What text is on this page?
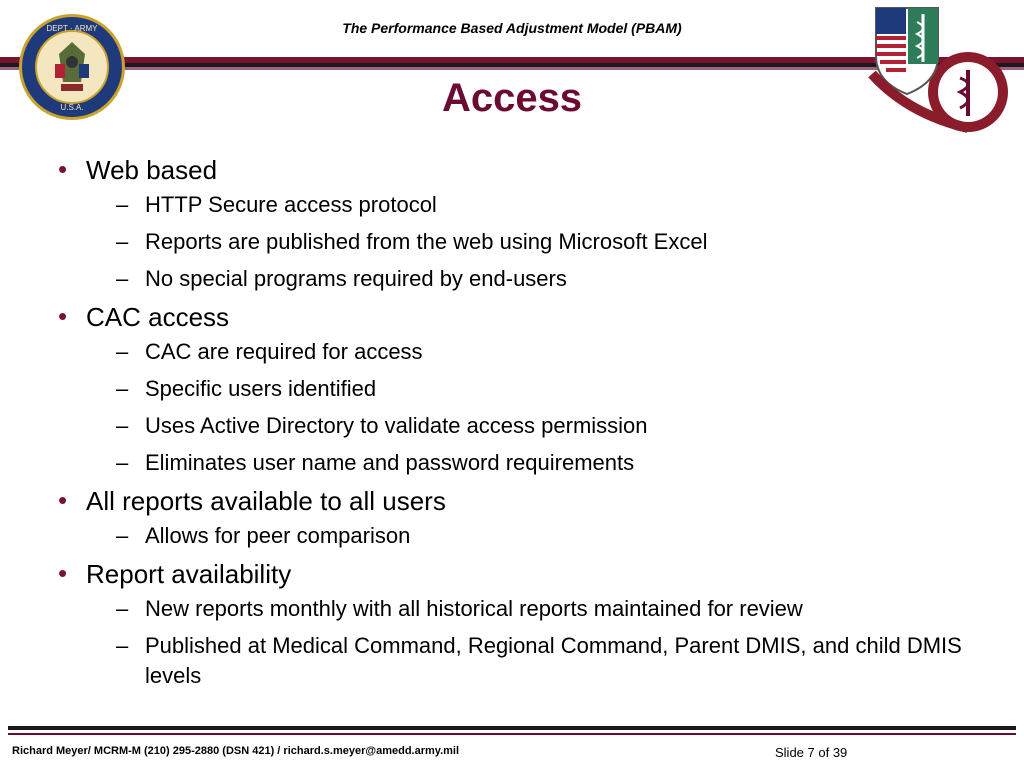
The Performance Based Adjustment Model (PBAM)
DEPT · ARMY
U.S.A.	Access
• Web based
– HTTP Secure access protocol
– Reports are published from the web using Microsoft Excel
– No special programs required by end-users
• CAC access
– CAC are required for access
– Specific users identified
– Uses Active Directory to validate access permission
– Eliminates user name and password requirements
• All reports available to all users
– Allows for peer comparison
• Report availability
– New reports monthly with all historical reports maintained for review
– Published at Medical Command, Regional Command, Parent DMIS, and child DMIS levels
Richard Meyer/ MCRM-M (210) 295-2880 (DSN 421) / richard.s.meyer@amedd.army.mil	Slide 7 of 39
